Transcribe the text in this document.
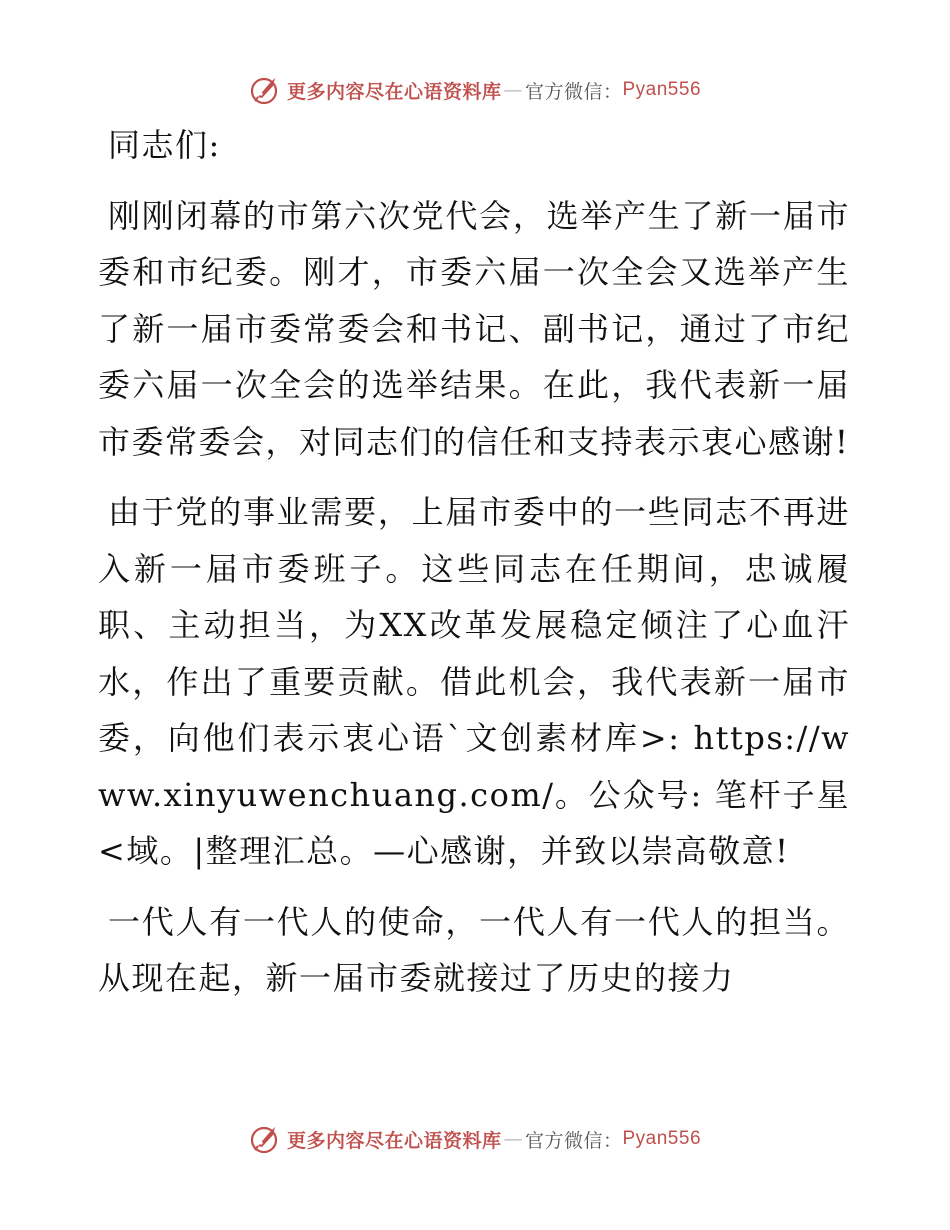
更多内容尽在心语资料库 — 官方微信： Pyan556

同志们:

刚刚闭幕的市第六次党代会，选举产生了新一届市委和市纪委。刚才，市委六届一次全会又选举产生了新一届市委常委会和书记、副书记，通过了市纪委六届一次全会的选举结果。在此，我代表新一届市委常委会，对同志们的信任和支持表示衷心感谢!

由于党的事业需要，上届市委中的一些同志不再进入新一届市委班子。这些同志在任期间，忠诚履职、主动担当，为XX改革发展稳定倾注了心血汗水，作出了重要贡献。借此机会，我代表新一届市委，向他们表示衷心语`文创素材库>: https://www.xinyuwenchuang.com/。公众号: 笔杆子星<域。|整理汇总。—心感谢，并致以崇高敬意!

一代人有一代人的使命，一代人有一代人的担当。从现在起，新一届市委就接过了历史的接力

更多内容尽在心语资料库 — 官方微信： Pyan556
